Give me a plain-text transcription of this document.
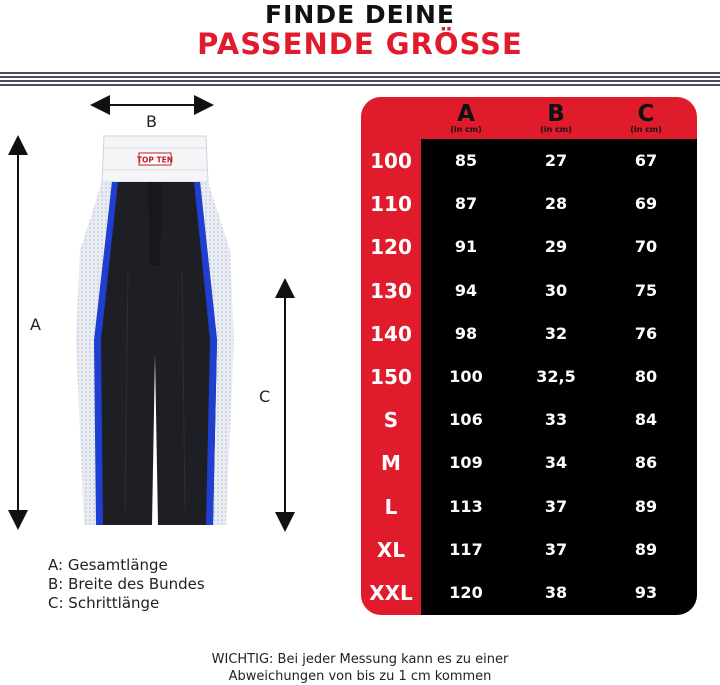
FINDE DEINE
PASSENDE GRÖSSE
TOP TEN
B
A
C
A: Gesamtlänge
B: Breite des Bundes
C: Schrittlänge
A
(in cm)
B
(in cm)
C
(in cm)
100	85	27	67
110	87	28	69
120	91	29	70
130	94	30	75
140	98	32	76
150	100	32,5	80
S	106	33	84
M	109	34	86
L	113	37	89
XL	117	37	89
XXL	120	38	93
WICHTIG: Bei jeder Messung kann es zu einer
Abweichungen von bis zu 1 cm kommen
